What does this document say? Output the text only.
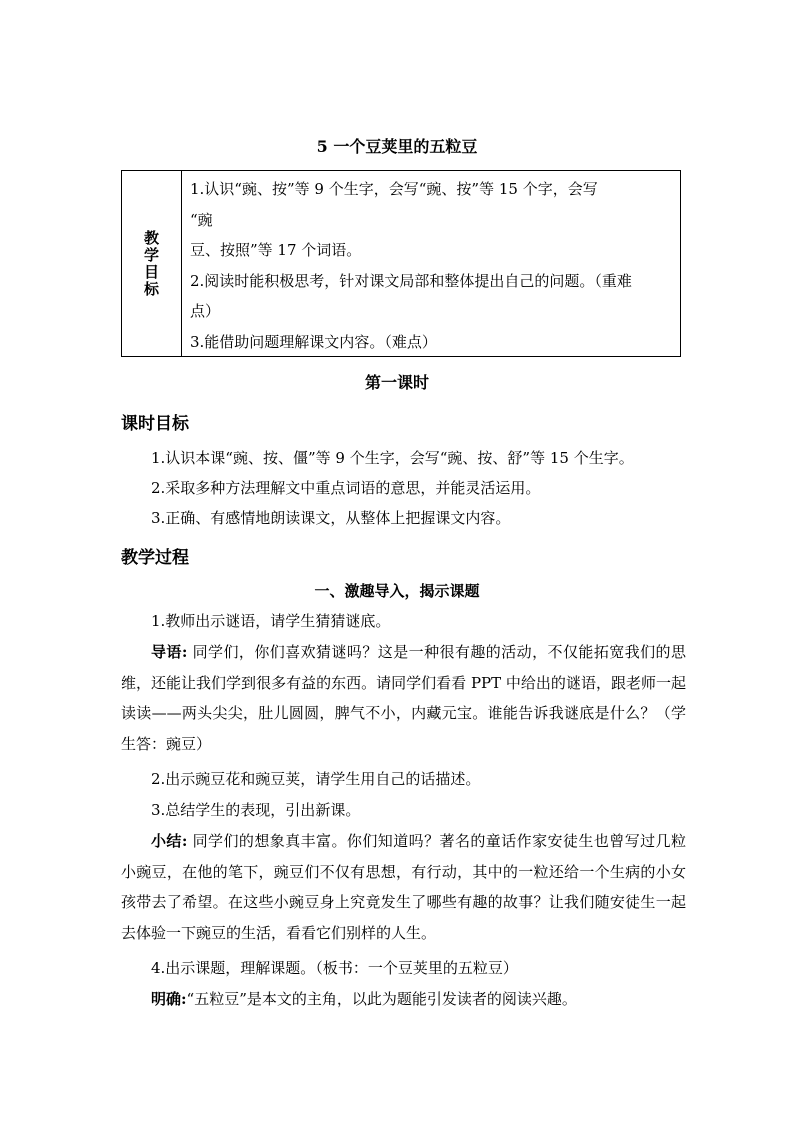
5 一个豆荚里的五粒豆
教学目标
1.认识“豌、按”等 9 个生字，会写“豌、按”等 15 个字，会写
“豌
豆、按照”等 17 个词语。
2.阅读时能积极思考，针对课文局部和整体提出自己的问题。（重难
点）
3.能借助问题理解课文内容。（难点）
第一课时
课时目标
1.认识本课“豌、按、僵”等 9 个生字，会写“豌、按、舒”等 15 个生字。
2.采取多种方法理解文中重点词语的意思，并能灵活运用。
3.正确、有感情地朗读课文，从整体上把握课文内容。
教学过程
一、激趣导入，揭示课题
1.教师出示谜语，请学生猜猜谜底。
导语: 同学们，你们喜欢猜谜吗？这是一种很有趣的活动，不仅能拓宽我们的思维，还能让我们学到很多有益的东西。请同学们看看 PPT 中给出的谜语，跟老师一起读读——两头尖尖，肚儿圆圆，脾气不小，内藏元宝。谁能告诉我谜底是什么？（学生答：豌豆）
2.出示豌豆花和豌豆荚，请学生用自己的话描述。
3.总结学生的表现，引出新课。
小结: 同学们的想象真丰富。你们知道吗？著名的童话作家安徒生也曾写过几粒小豌豆，在他的笔下，豌豆们不仅有思想，有行动，其中的一粒还给一个生病的小女孩带去了希望。在这些小豌豆身上究竟发生了哪些有趣的故事？让我们随安徒生一起去体验一下豌豆的生活，看看它们别样的人生。
4.出示课题，理解课题。（板书：一个豆荚里的五粒豆）
明确:“五粒豆”是本文的主角，以此为题能引发读者的阅读兴趣。
